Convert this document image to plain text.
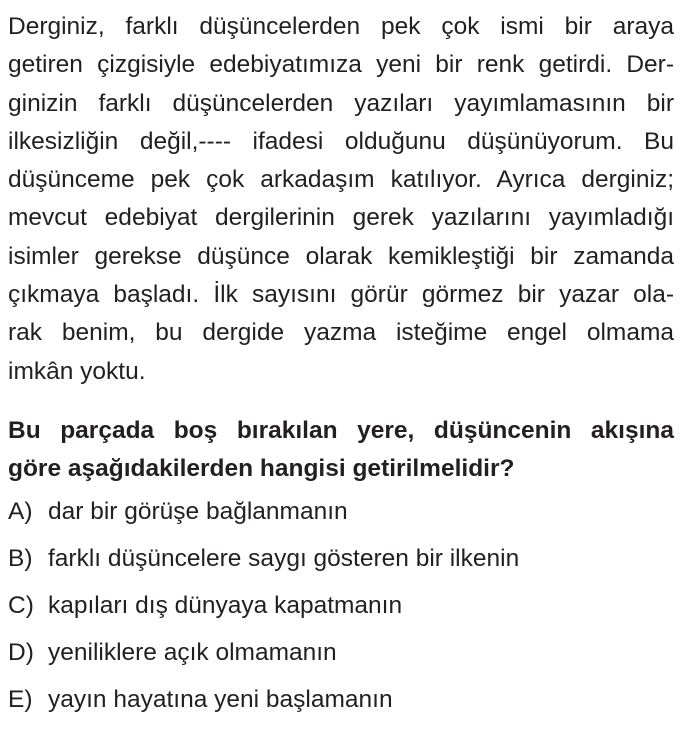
Derginiz, farklı düşüncelerden pek çok ismi bir araya

getiren çizgisiyle edebiyatımıza yeni bir renk getirdi. Der-

ginizin farklı düşüncelerden yazıları yayımlamasının bir

ilkesizliğin değil,---- ifadesi olduğunu düşünüyorum. Bu

düşünceme pek çok arkadaşım katılıyor. Ayrıca derginiz;

mevcut edebiyat dergilerinin gerek yazılarını yayımladığı

isimler gerekse düşünce olarak kemikleştiği bir zamanda

çıkmaya başladı. İlk sayısını görür görmez bir yazar ola-

rak benim, bu dergide yazma isteğime engel olmama

imkân yoktu.

Bu parçada boş bırakılan yere, düşüncenin akışına

göre aşağıdakilerden hangisi getirilmelidir?

A) dar bir görüşe bağlanmanın
B) farklı düşüncelere saygı gösteren bir ilkenin
C) kapıları dış dünyaya kapatmanın
D) yeniliklere açık olmamanın
E) yayın hayatına yeni başlamanın
